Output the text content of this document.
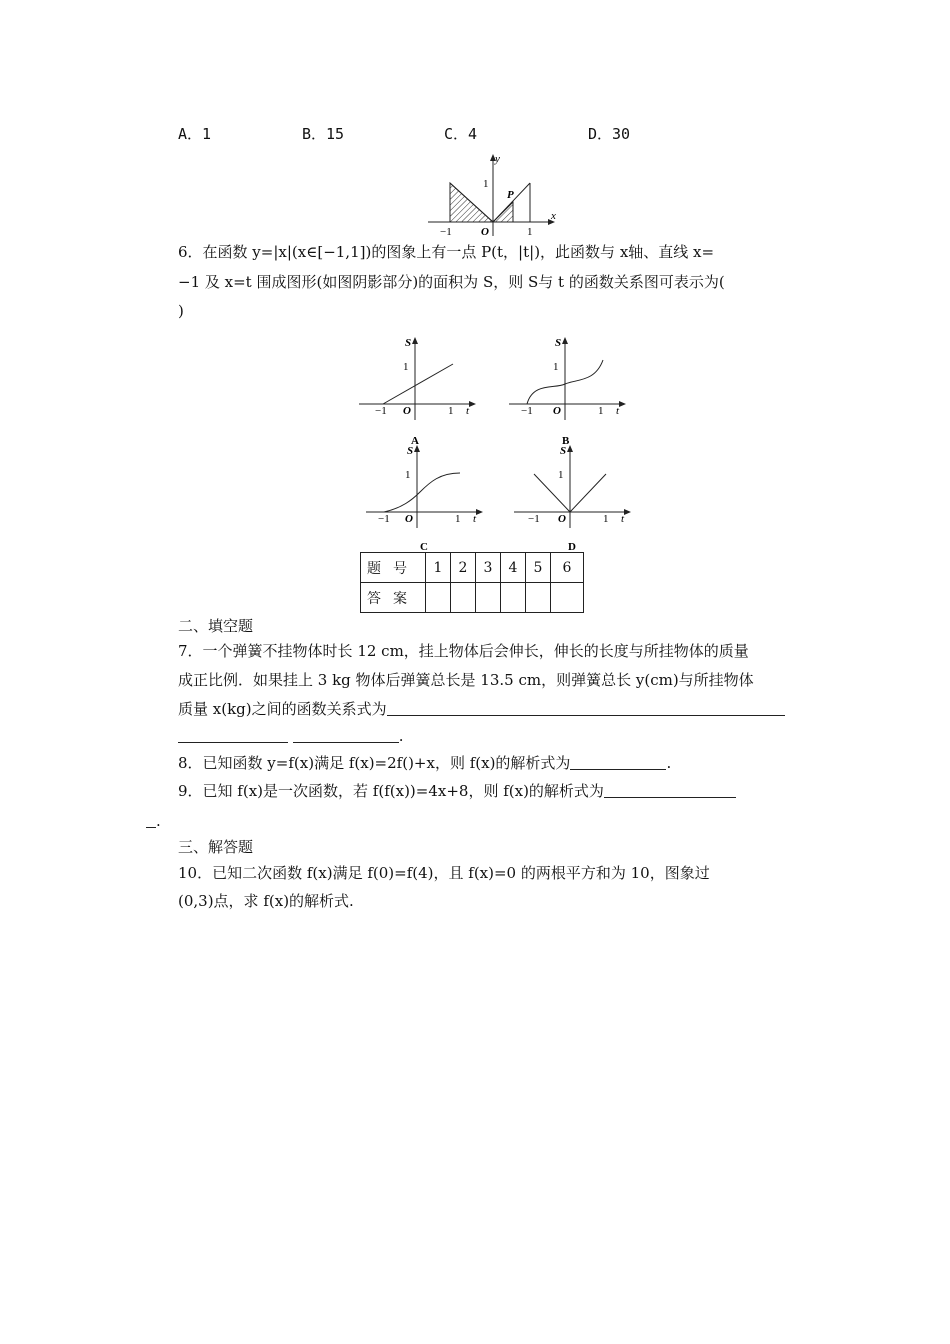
A．1	B．15	C．4	D．30
y
x
1
−1	O	1
P
6．在函数 y=|x|(x∈[−1,1])的图象上有一点 P(t，|t|)，此函数与 x轴、直线 x=
−1 及 x=t 围成图形(如图阴影部分)的面积为 S，则 S与 t 的函数关系图可表示为(
)
S
1
−1 O	1 t
A
S
1
−1 O	1 t
B
S
1
−1 O	1 t
C
S
1
−1 O	1 t
D
题号	1	2	3	4	5	6
答案						
二、填空题
7．一个弹簧不挂物体时长 12 cm，挂上物体后会伸长，伸长的长度与所挂物体的质量
成正比例．如果挂上 3 kg 物体后弹簧总长是 13.5 cm，则弹簧总长 y(cm)与所挂物体
质量 x(kg)之间的函数关系式为
.
8．已知函数 y=f(x)满足 f(x)=2f()+x，则 f(x)的解析式为	.
9．已知 f(x)是一次函数，若 f(f(x))=4x+8，则 f(x)的解析式为
.
三、解答题
10．已知二次函数 f(x)满足 f(0)=f(4)，且 f(x)=0 的两根平方和为 10，图象过
(0,3)点，求 f(x)的解析式.
